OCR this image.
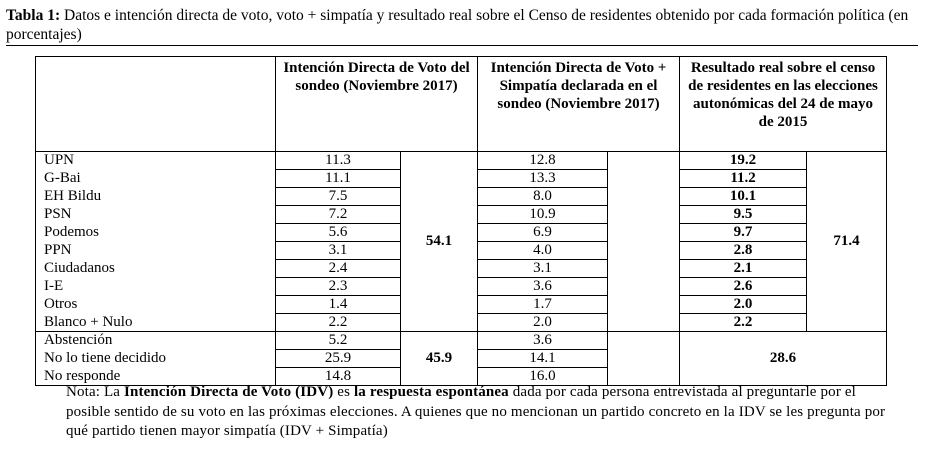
Tabla 1: Datos e intención directa de voto, voto + simpatía y resultado real sobre el Censo de residentes obtenido por cada formación política (en porcentajes)
	Intención Directa de Voto del sondeo (Noviembre 2017)		Intención Directa de Voto + Simpatía declarada en el sondeo (Noviembre 2017)		Resultado real sobre el censo de residentes en las elecciones autonómicas del 24 de mayo de 2015	
UPN	11.3	54.1	12.8		19.2	71.4
G-Bai	11.1		13.3		11.2	
EH Bildu	7.5		8.0		10.1	
PSN	7.2		10.9		9.5	
Podemos	5.6		6.9		9.7	
PPN	3.1		4.0		2.8	
Ciudadanos	2.4		3.1		2.1	
I-E	2.3		3.6		2.6	
Otros	1.4		1.7		2.0	
Blanco + Nulo	2.2		2.0		2.2	
Abstención	5.2	45.9	3.6		28.6	
No lo tiene decidido	25.9		14.1			
No responde	14.8		16.0			
Nota: La Intención Directa de Voto (IDV) es la respuesta espontánea dada por cada persona entrevistada al preguntarle por el posible sentido de su voto en las próximas elecciones. A quienes que no mencionan un partido concreto en la IDV se les pregunta por qué partido tienen mayor simpatía (IDV + Simpatía)
